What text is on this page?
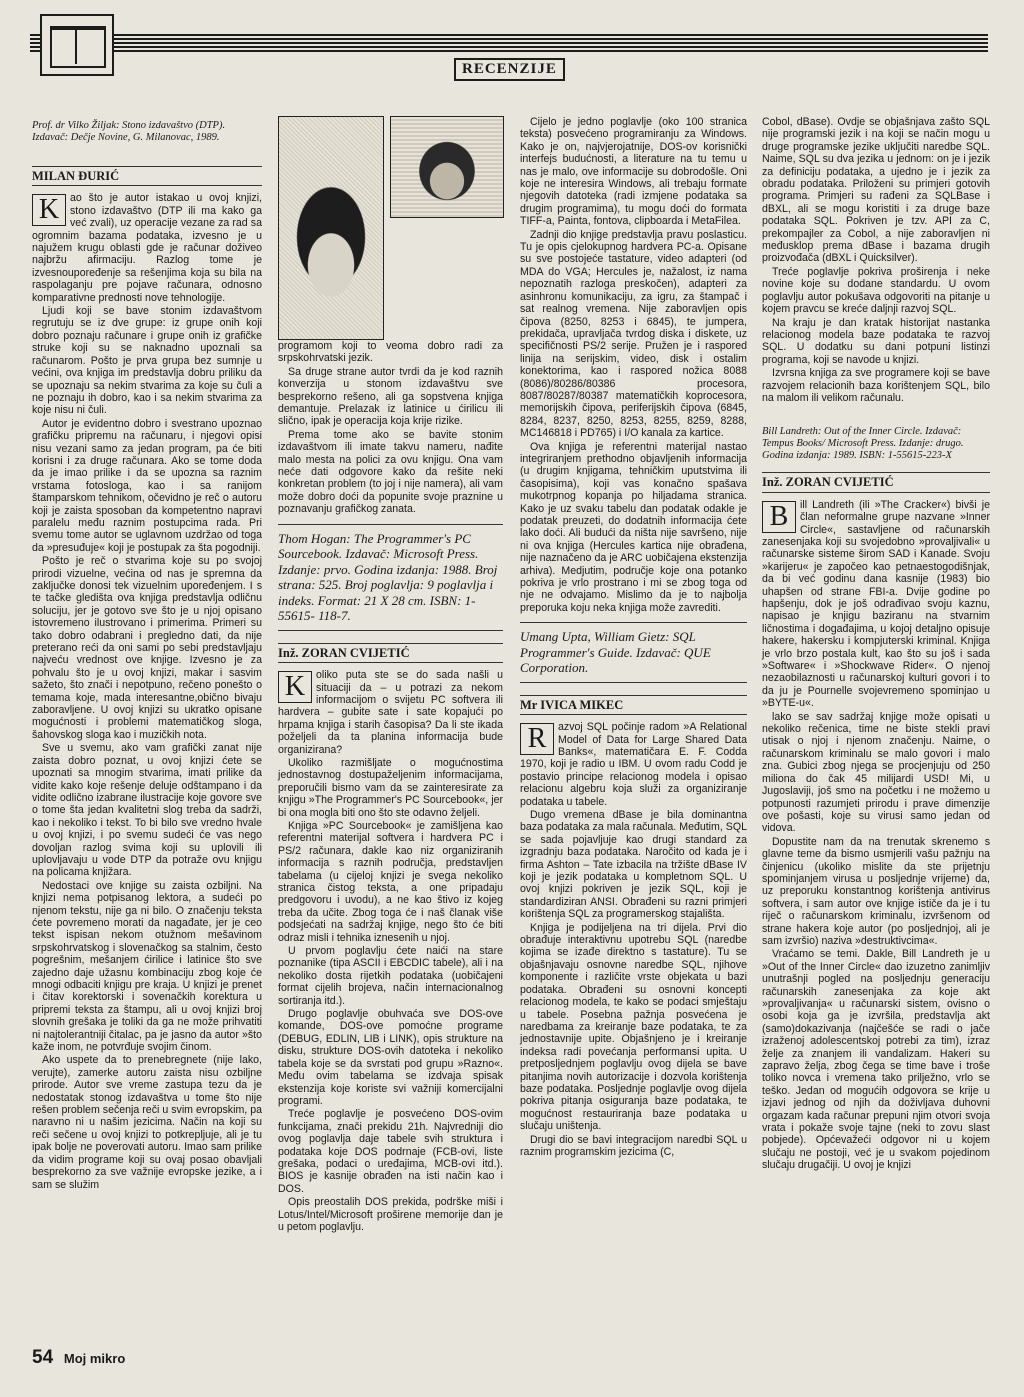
RECENZIJE
Prof. dr Vilko Žiljak: Stono izdavaštvo (DTP). Izdavač: Dečje Novine, G. Milanovac, 1989.
MILAN ĐURIĆ

K	ao što je autor istakao u ovoj knjizi, stono izdavaštvo (DTP ili ma kako ga već zvali), uz operacije vezane za rad sa ogromnim bazama podataka, izvesno je u najužem krugu oblasti gde je računar doživeo najbržu afirmaciju. Razlog tome je izvesnoupoređenje sa rešenjima koja su bila na raspolaganju pre pojave računara, odnosno komparativne prednosti nove tehnologije.

Ljudi koji se bave stonim izdavaštvom regrutuju se iz dve grupe: iz grupe onih koji dobro poznaju računare i grupe onih iz grafičke struke koji su se naknadno upoznali sa računarom. Pošto je prva grupa bez sumnje u većini, ova knjiga im predstavlja dobru priliku da se upoznaju sa nekim stvarima za koje su čuli a ne poznaju ih dobro, kao i sa nekim stvarima za koje nisu ni čuli.

Autor je evidentno dobro i svestrano upoznao grafičku pripremu na računaru, i njegovi opisi nisu vezani samo za jedan program, pa će biti korisni i za druge računara. Ako se tome doda da je imao prilike i da se upozna sa raznim vrstama fotosloga, kao i sa ranijom štamparskom tehnikom, očevidno je reč o autoru koji je zaista sposoban da kompetentno napravi paralelu među raznim postupcima rada. Pri svemu tome autor se uglavnom uzdržao od toga da »presuđuje« koji je postupak za šta pogodniji.

Pošto je reč o stvarima koje su po svojoj prirodi vizuelne, većina od nas je spremna da zaključke donosi tek vizuelnim upoređenjem. I s te tačke gledišta ova knjiga predstavlja odličnu soluciju, jer je gotovo sve što je u njoj opisano istovremeno ilustrovano i primerima. Primeri su tako dobro odabrani i pregledno dati, da nije preterano reći da oni sami po sebi predstavljaju najveću vrednost ove knjige. Izvesno je za pohvalu što je u ovoj knjizi, makar i sasvim sažeto, što znači i nepotpuno, rečeno ponešto o temama koje, mada interesantne,obično bivaju zaboravljene. U ovoj knjizi su ukratko opisane mogućnosti i problemi matematičkog sloga, šahovskog sloga kao i muzičkih nota.

Sve u svemu, ako vam grafički zanat nije zaista dobro poznat, u ovoj knjizi ćete se upoznati sa mnogim stvarima, imati prilike da vidite kako koje rešenje deluje odštampano i da vidite odlično izabrane ilustracije koje govore sve o tome šta jedan kvalitetni slog treba da sadrži, kao i nekoliko i tekst. To bi bilo sve vredno hvale u ovoj knjizi, i po svemu sudeći će vas nego dovoljan razlog svima koji su uplovili ili uplovljavaju u vode DTP da potraže ovu knjigu na policama knjižara.

Nedostaci ove knjige su zaista ozbiljni. Na knjizi nema potpisanog lektora, a sudeći po njenom tekstu, nije ga ni bilo. O značenju teksta ćete povremeno morati da nagađate, jer je ceo tekst ispisan nekom otužnom mešavinom srpskohrvatskog i slovenačkog sa stalnim, često pogrešnim, mešanjem ćirilice i latinice što sve zajedno daje užasnu kombinaciju zbog koje će mnogi odbaciti knjigu pre kraja. U knjizi je prenet i čitav korektorski i sovenačkih korektura u pripremi teksta za štampu, ali u ovoj knjizi broj slovnih grešaka je toliki da ga ne može prihvatiti ni najtolerantniji čitalac, pa je jasno da autor »što kaže inom, ne potvrđuje svojim činom.

Ako uspete da to prenebregnete (nije lako, verujte), zamerke autoru zaista nisu ozbiljne prirode. Autor sve vreme zastupa tezu da je nedostatak stonog izdavaštva u tome što nije rešen problem sečenja reči u svim evropskim, pa naravno ni u našim jezicima. Način na koji su reči sečene u ovoj knjizi to potkrepljuje, ali je tu ipak bolje ne poverovati autoru. Imao sam prilike da vidim programe koji su ovaj posao obavljali besprekorno za sve važnije evropske jezike, a i sam se služim

programom koji to veoma dobro radi za srpskohrvatski jezik.

Sa druge strane autor tvrdi da je kod raznih konverzija u stonom izdavaštvu sve besprekorno rešeno, ali ga sopstvena knjiga demantuje. Prelazak iz latinice u ćirilicu ili slično, ipak je operacija koja krije rizike.

Prema tome ako se bavite stonim izdavaštvom ili imate takvu nameru, nađite malo mesta na polici za ovu knjigu. Ona vam neće dati odgovore kako da rešite neki konkretan problem (to joj i nije namera), ali vam može dobro doći da popunite svoje praznine u poznavanju grafičkog zanata.

Thom Hogan: The Programmer's PC Sourcebook. Izdavač: Microsoft Press. Izdanje: prvo. Godina izdanja: 1988. Broj strana: 525. Broj poglavlja: 9 poglavlja i indeks. Format: 21 X 28 cm. ISBN: 1-55615- 118-7.
Inž. ZORAN CVIJETIĆ

K	oliko puta ste se do sada našli u situaciji da – u potrazi za nekom informacijom o svijetu PC softvera ili hardvera – gubite sate i sate kopajući po hrpama knjiga i starih časopisa? Da li ste ikada poželjeli da ta planina informacija bude organizirana?

Ukoliko razmišljate o mogućnostima jednostavnog dostupaželjenim informacijama, preporučili bismo vam da se zainteresirate za knjigu »The Programmer's PC Sourcebook«, jer bi ona mogla biti ono što ste odavno željeli.

Knjiga »PC Sourcebook« je zamišljena kao referentni materijal softvera i hardvera PC i PS/2 računara, dakle kao niz organiziranih informacija s raznih područja, predstavljen tabelama (u cijeloj knjizi je svega nekoliko stranica čistog teksta, a one pripadaju predgovoru i uvodu), a ne kao štivo iz kojeg treba da učite. Zbog toga će i naš članak više podsjećati na sadržaj knjige, nego što će biti odraz misli i tehnika iznesenih u njoj.

U prvom poglavlju ćete naići na stare poznanike (tipa ASCII i EBCDIC tabele), ali i na nekoliko dosta rijetkih podataka (uobičajeni format cijelih brojeva, način internacionalnog sortiranja itd.).

Drugo poglavlje obuhvaća sve DOS-ove komande, DOS-ove pomoćne programe (DEBUG, EDLIN, LIB i LINK), opis strukture na disku, strukture DOS-ovih datoteka i nekoliko tabela koje se da svrstati pod grupu »Razno«. Među ovim tabelama se izdvaja spisak ekstenzija koje koriste svi važniji komercijalni programi.

Treće poglavlje je posvećeno DOS-ovim funkcijama, znači prekidu 21h. Najvredniji dio ovog poglavlja daje tabele svih struktura i podataka koje DOS podrnaje (FCB-ovi, liste grešaka, podaci o uređajima, MCB-ovi itd.). BIOS je kasnije obrađen na isti način kao i DOS.

Opis preostalih DOS prekida, podrške miši i Lotus/Intel/Microsoft proširene memorije dan je u petom poglavlju.

Cijelo je jedno poglavlje (oko 100 stranica teksta) posvećeno programiranju za Windows. Kako je on, najvjerojatnije, DOS-ov korisnički interfejs budućnosti, a literature na tu temu u nas je malo, ove informacije su dobrodošle. Oni koje ne interesira Windows, ali trebaju formate njegovih datoteka (radi izmjene podataka sa drugim programima), tu mogu doći do formata TIFF-a, Painta, fontova, clipboarda i MetaFilea.

Zadnji dio knjige predstavlja pravu poslasticu. Tu je opis cjelokupnog hardvera PC-a. Opisane su sve postojeće tastature, video adapteri (od MDA do VGA; Hercules je, nažalost, iz nama nepoznatih razloga preskočen), adapteri za asinhronu komunikaciju, za igru, za štampač i sat realnog vremena. Nije zaboravljen opis čipova (8250, 8253 i 6845), te jumpera, prekidača, upravljača tvrdog diska i diskete, uz specifičnosti PS/2 serije. Pružen je i raspored linija na serijskim, video, disk i ostalim konektorima, kao i raspored nožica 8088 (8086)/80286/80386 procesora, 8087/80287/80387 matematičkih koprocesora, memorijskih čipova, periferijskih čipova (6845, 8284, 8237, 8250, 8253, 8255, 8259, 8288, MC146818 i PD765) i I/O kanala za kartice.

Ova knjiga je referentni materijal nastao integriranjem prethodno objavljenih informacija (u drugim knjigama, tehničkim uputstvima ili časopisima), koji vas konačno spašava mukotrpnog kopanja po hiljadama stranica. Kako je uz svaku tabelu dan podatak odakle je podatak preuzeti, do dodatnih informacija ćete lako doći. Ali budući da ništa nije savršeno, nije ni ova knjiga (Hercules kartica nije obrađena, nije naznačeno da je ARC uobičajena ekstenzija arhiva). Medjutim, područje koje ona potanko pokriva je vrlo prostrano i mi se zbog toga od nje ne odvajamo. Mislimo da je to najbolja preporuka koju neka knjiga može zavrediti.

Umang Upta, William Gietz: SQL Programmer's Guide. Izdavač: QUE Corporation.
Mr IVICA MIKEC

R	azvoj SQL počinje radom »A Relational Model of Data for Large Shared Data Banks«, matematičara E. F. Codda 1970, koji je radio u IBM. U ovom radu Codd je postavio principe relacionog modela i opisao relacionu algebru koja služi za organiziranje podataka u tabele.

Dugo vremena dBase je bila dominantna baza podataka za mala računala. Međutim, SQL se sada pojavljuje kao drugi standard za izgradnju baza podataka. Naročito od kada je i firma Ashton – Tate izbacila na tržište dBase IV koji je jezik podataka u kompletnom SQL. U ovoj knjizi pokriven je jezik SQL, koji je standardiziran ANSI. Obrađeni su razni primjeri korištenja SQL za programerskog stajališta.

Knjiga je podijeljena na tri dijela. Prvi dio obrađuje interaktivnu upotrebu SQL (naredbe kojima se izađe direktno s tastature). Tu se objašnjavaju osnovne naredbe SQL, njihove komponente i različite vrste objekata u bazi podataka. Obrađeni su osnovni koncepti relacionog modela, te kako se podaci smještaju u tabele. Posebna pažnja posvećena je naredbama za kreiranje baze podataka, te za jednostavnije upite. Objašnjeno je i kreiranje indeksa radi povećanja performansi upita. U pretposljednjem poglavlju ovog dijela se bave pitanjima novih autorizacije i dozvola korištenja baze podataka. Posljednje poglavlje ovog dijela pokriva pitanja osiguranja baze podataka, te mogućnost restauriranja baze podataka u slučaju uništenja.

Drugi dio se bavi integracijom naredbi SQL u raznim programskim jezicima (C,

Cobol, dBase). Ovdje se objašnjava zašto SQL nije programski jezik i na koji se način mogu u druge programske jezike uključiti naredbe SQL. Naime, SQL su dva jezika u jednom: on je i jezik za definiciju podataka, a ujedno je i jezik za obradu podataka. Priloženi su primjeri gotovih programa. Primjeri su rađeni za SQLBase i dBXL, ali se mogu koristiti i za druge baze podataka SQL. Pokriven je tzv. API za C, prekompajler za Cobol, a nije zaboravljen ni međusklop prema dBase i bazama drugih proizvođača (dBXL i Quicksilver).

Treće poglavlje pokriva proširenja i neke novine koje su dodane standardu. U ovom poglavlju autor pokušava odgovoriti na pitanje u kojem pravcu se kreće daljnji razvoj SQL.

Na kraju je dan kratak historijat nastanka relacionog modela baze podataka te razvoj SQL. U dodatku su dani potpuni listinzi programa, koji se navode u knjizi.

Izvrsna knjiga za sve programere koji se bave razvojem relacionih baza korištenjem SQL, bilo na malom ili velikom računalu.

Bill Landreth: Out of the Inner Circle. Izdavač: Tempus Books/ Microsoft Press. Izdanje: drugo. Godina izdanja: 1989. ISBN: 1-55615-223-X
Inž. ZORAN CVIJETIĆ

B	ill Landreth (ili »The Cracker«) bivši je član neformalne grupe nazvane »Inner Circle«, sastavljene od računarskih zanesenjaka koji su svojedobno »provaljivali« u računarske sisteme širom SAD i Kanade. Svoju »karijeru« je započeo kao petnaestogodišnjak, da bi već godinu dana kasnije (1983) bio uhapšen od strane FBI-a. Dvije godine po hapšenju, dok je još odrađivao svoju kaznu, napisao je knjigu baziranu na stvarnim ličnostima i događajima, u kojoj detaljno opisuje hakere, hakersku i kompjuterski kriminal. Knjiga je vrlo brzo postala kult, kao što su još i sada »Software« i »Shockwave Rider«. O njenoj nezaobilaznosti u računarskoj kulturi govori i to da ju je Pournelle svojevremeno spominjao u »BYTE-u«.

lako se sav sadržaj knjige može opisati u nekoliko rečenica, time ne biste stekli pravi utisak o njoj i njenom značenju. Naime, o računarskom kriminalu se malo govori i malo zna. Gubici zbog njega se procjenjuju od 250 miliona do čak 45 milijardi USD! Mi, u Jugoslaviji, još smo na početku i ne možemo u potpunosti razumjeti prirodu i prave dimenzije ove pošasti, koje su virusi samo jedan od vidova.

Dopustite nam da na trenutak skrenemo s glavne teme da bismo usmjerili vašu pažnju na činjenicu (ukoliko mislite da ste prijetnju spominjanjem virusa u posljednje vrijeme) da, uz preporuku konstantnog korištenja antivirus softvera, i sam autor ove knjige ističe da je i tu riječ o računarskom kriminalu, izvršenom od strane hakera koje autor (po posljednjoj, ali je sam izvršio) naziva »destruktivcima«.

Vraćamo se temi. Dakle, Bill Landreth je u »Out of the Inner Circle« dao izuzetno zanimljiv unutrašnji pogled na posljednju generaciju računarskih zanesenjaka za koje akt »provaljivanja« u računarski sistem, ovisno o osobi koja ga je izvršila, predstavlja akt (samo)dokazivanja (najčešće se radi o jače izraženoj adolescentskoj potrebi za tim), izraz želje za znanjem ili vandalizam. Hakeri su zapravo želja, zbog čega se time bave i troše toliko novca i vremena tako prilježno, vrlo se teško. Jedan od mogućih odgovora se krije u izjavi jednog od njih da doživljava duhovni orgazam kada računar prepuni njim otvori svoja vrata i pokaže svoje tajne (neki to zovu slast pobjede). Općevažeći odgovor ni u kojem slučaju ne postoji, već je u svakom pojedinom slučaju drugačiji. U ovoj je knjizi

54 Moj mikro
